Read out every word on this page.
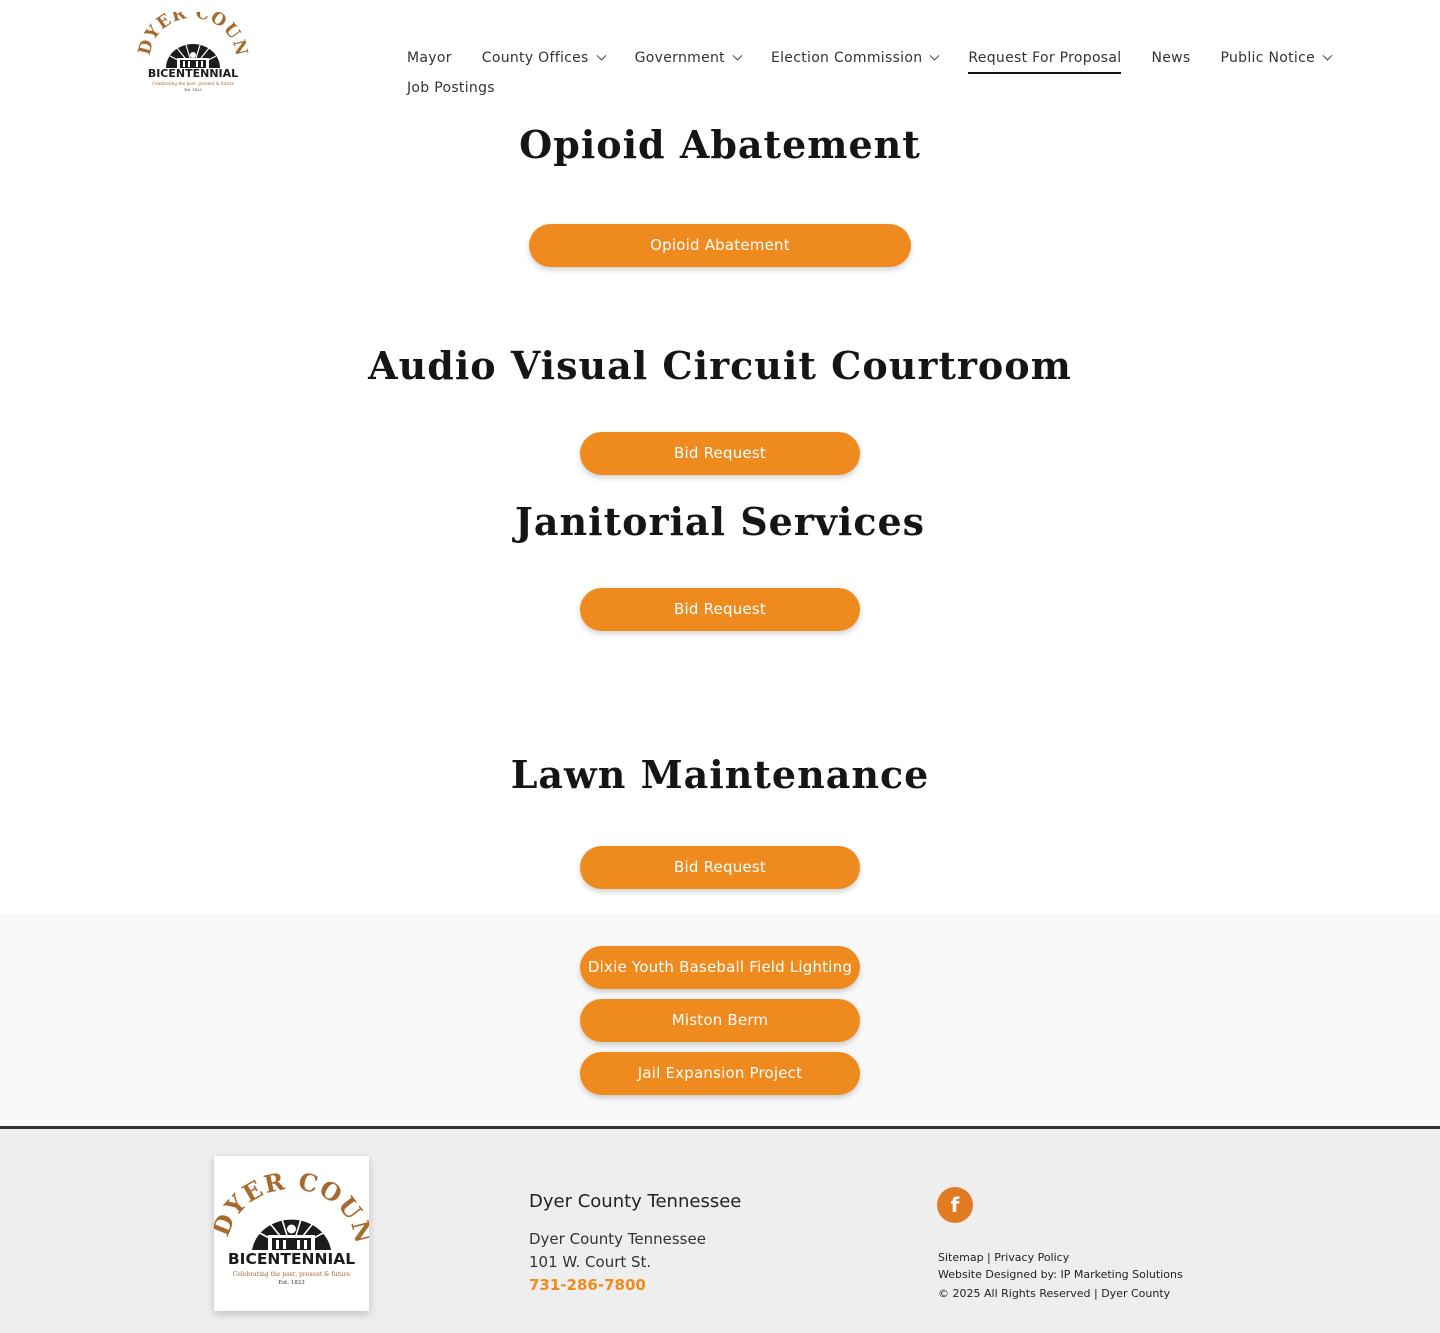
DYER COUN
BICENTENNIAL
Celebrating the past, present & future
Est. 1823
Mayor County Offices	Government	Election Commission	Request For Proposal News Public Notice
Job Postings
Opioid Abatement
Opioid Abatement
Audio Visual Circuit Courtroom
Bid Request
Janitorial Services
Bid Request
Lawn Maintenance
Bid Request
Dixie Youth Baseball Field Lighting
Miston Berm
Jail Expansion Project
YER COU
BICENTENNIAL
Celebrating the past, present & future
Est. 1823
Dyer County Tennessee
Dyer County Tennessee
101 W. Court St.
731-286-7800
f
Sitemap | Privacy Policy
Website Designed by: IP Marketing Solutions
© 2025 All Rights Reserved | Dyer County
